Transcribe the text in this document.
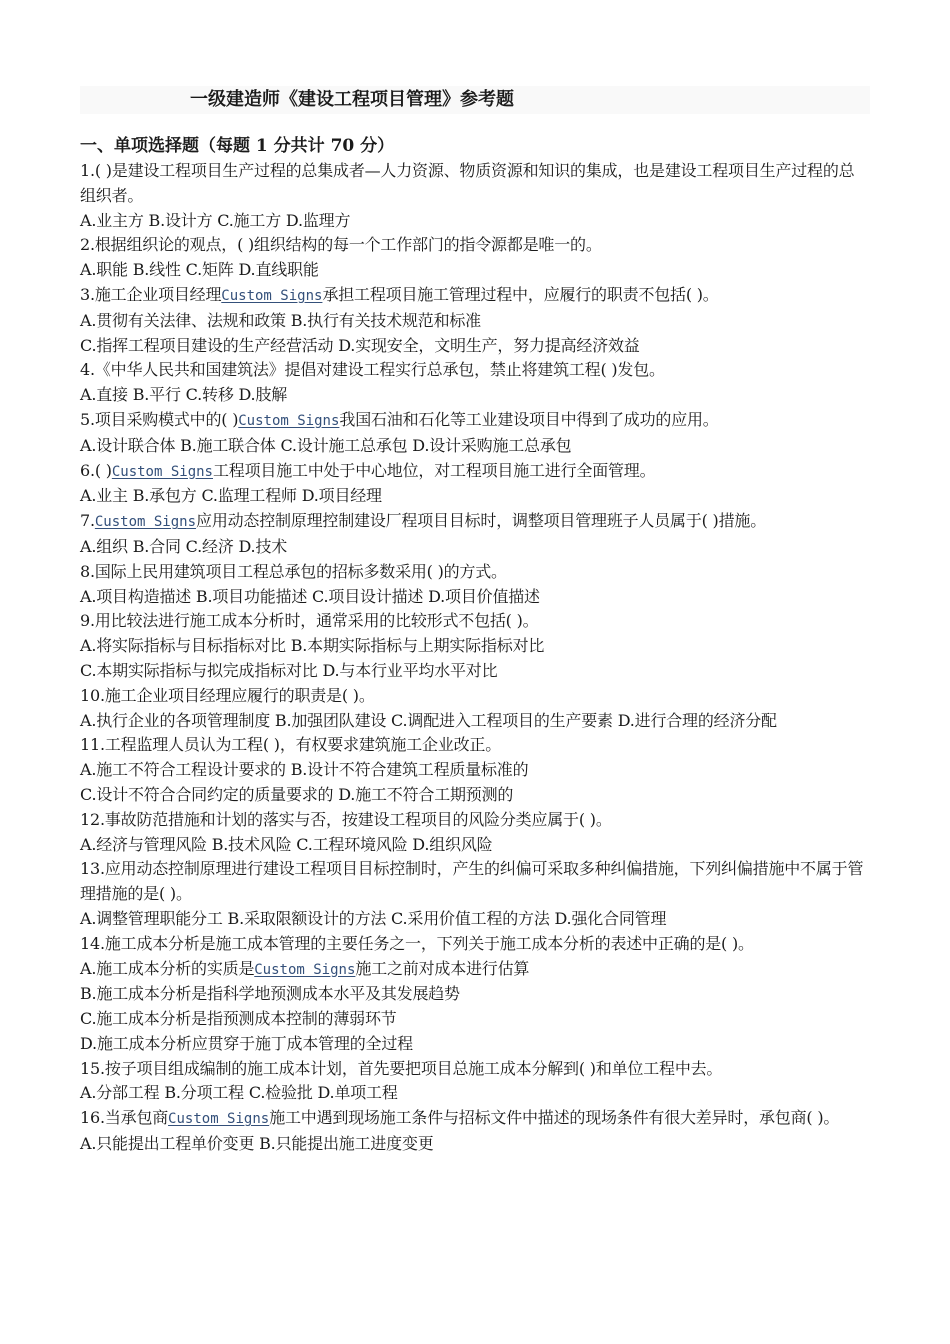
一级建造师《建设工程项目管理》参考题

一、单项选择题（每题 1 分共计 70 分）

1.( )是建设工程项目生产过程的总集成者—人力资源、物质资源和知识的集成，也是建设工程项目生产过程的总组织者。

A.业主方 B.设计方 C.施工方 D.监理方

2.根据组织论的观点，( )组织结构的每一个工作部门的指令源都是唯一的。

A.职能 B.线性 C.矩阵 D.直线职能

3.施工企业项目经理Custom Signs承担工程项目施工管理过程中，应履行的职责不包括( )。

A.贯彻有关法律、法规和政策 B.执行有关技术规范和标准

C.指挥工程项目建设的生产经营活动 D.实现安全，文明生产，努力提高经济效益

4.《中华人民共和国建筑法》提倡对建设工程实行总承包，禁止将建筑工程( )发包。

A.直接 B.平行 C.转移 D.肢解

5.项目采购模式中的( )Custom Signs我国石油和石化等工业建设项目中得到了成功的应用。

A.设计联合体 B.施工联合体 C.设计施工总承包 D.设计采购施工总承包

6.( )Custom Signs工程项目施工中处于中心地位，对工程项目施工进行全面管理。

A.业主 B.承包方 C.监理工程师 D.项目经理

7.Custom Signs应用动态控制原理控制建设厂程项目目标时，调整项目管理班子人员属于( )措施。

A.组织 B.合同 C.经济 D.技术

8.国际上民用建筑项目工程总承包的招标多数采用( )的方式。

A.项目构造描述 B.项目功能描述 C.项目设计描述 D.项目价值描述

9.用比较法进行施工成本分析时，通常采用的比较形式不包括( )。

A.将实际指标与目标指标对比 B.本期实际指标与上期实际指标对比

C.本期实际指标与拟完成指标对比 D.与本行业平均水平对比

10.施工企业项目经理应履行的职责是( )。

A.执行企业的各项管理制度 B.加强团队建设 C.调配进入工程项目的生产要素 D.进行合理的经济分配

11.工程监理人员认为工程( )，有权要求建筑施工企业改正。

A.施工不符合工程设计要求的 B.设计不符合建筑工程质量标准的

C.设计不符合合同约定的质量要求的 D.施工不符合工期预测的

12.事故防范措施和计划的落实与否，按建设工程项目的风险分类应属于( )。

A.经济与管理风险 B.技术风险 C.工程环境风险 D.组织风险

13.应用动态控制原理进行建设工程项目目标控制时，产生的纠偏可采取多种纠偏措施，下列纠偏措施中不属于管理措施的是( )。

A.调整管理职能分工 B.采取限额设计的方法 C.采用价值工程的方法 D.强化合同管理

14.施工成本分析是施工成本管理的主要任务之一，下列关于施工成本分析的表述中正确的是( )。

A.施工成本分析的实质是Custom Signs施工之前对成本进行估算

B.施工成本分析是指科学地预测成本水平及其发展趋势

C.施工成本分析是指预测成本控制的薄弱环节

D.施工成本分析应贯穿于施丁成本管理的全过程

15.按子项目组成编制的施工成本计划，首先要把项目总施工成本分解到( )和单位工程中去。

A.分部工程 B.分项工程 C.检验批 D.单项工程

16.当承包商Custom Signs施工中遇到现场施工条件与招标文件中描述的现场条件有很大差异时，承包商( )。

A.只能提出工程单价变更 B.只能提出施工进度变更
